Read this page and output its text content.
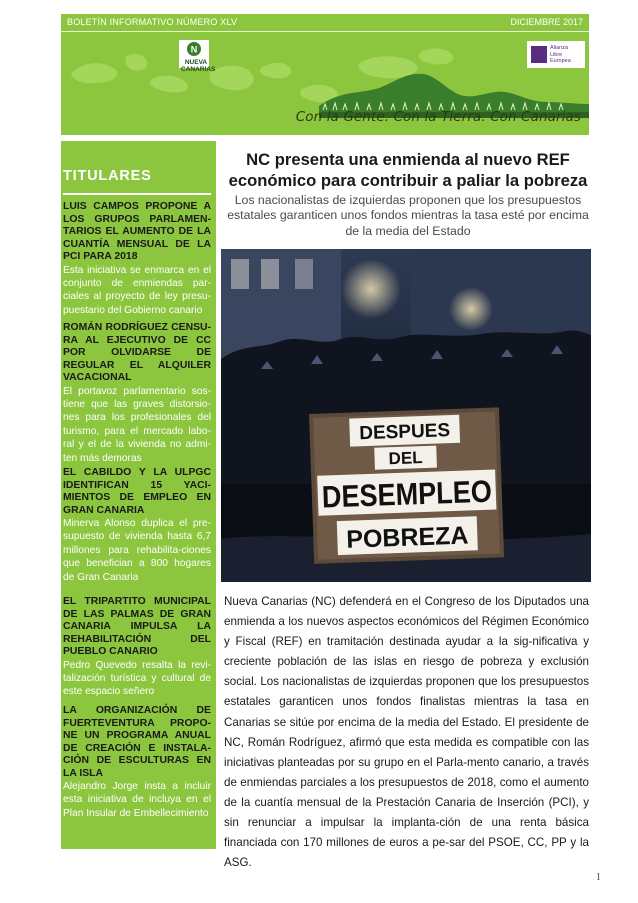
BOLETÍN INFORMATIVO NÚMERO XLV	DICIEMBRE 2017
N
NUEVA CANARIAS
Alianza
Libre
Europea
Con la Gente. Con la Tierra. Con Canarias
TITULARES
LUIS CAMPOS PROPONE A LOS GRUPOS PARLAMEN-TARIOS EL AUMENTO DE LA CUANTÍA MENSUAL DE LA PCI PARA 2018
Esta iniciativa se enmarca en el conjunto de enmiendas par-ciales al proyecto de ley presu-puestario del Gobierno canario
ROMÁN RODRÍGUEZ CENSU-RA AL EJECUTIVO DE CC POR OLVIDARSE DE REGULAR EL ALQUILER VACACIONAL
El portavoz parlamentario sos-tiene que las graves distorsio-nes para los profesionales del turismo, para el mercado labo-ral y el de la vivienda no admi-ten más demoras
EL CABILDO Y LA ULPGC IDENTIFICAN 15 YACI-MIENTOS DE EMPLEO EN GRAN CANARIA
Minerva Alonso duplica el pre-supuesto de vivienda hasta 6,7 millones para rehabilita-ciones que benefician a 800 hogares de Gran Canaria
EL TRIPARTITO MUNICIPAL DE LAS PALMAS DE GRAN CANARIA IMPULSA LA REHABILITACIÓN DEL PUEBLO CANARIO
Pedro Quevedo resalta la revi-talización turística y cultural de este espacio señero
LA ORGANIZACIÓN DE FUERTEVENTURA PROPO-NE UN PROGRAMA ANUAL DE CREACIÓN E INSTALA-CIÓN DE ESCULTURAS EN LA ISLA
Alejandro Jorge insta a incluir esta iniciativa de incluya en el Plan Insular de Embellecimiento
NC presenta una enmienda al nuevo REF económico para contribuir a paliar la pobreza
Los nacionalistas de izquierdas proponen que los presupuestos estatales garanticen unos fondos mientras la tasa esté por encima de la media del Estado
DESPUES
DEL
DESEMPLEO
POBREZA
Nueva Canarias (NC) defenderá en el Congreso de los Diputados una enmienda a los nuevos aspectos económicos del Régimen Económico y Fiscal (REF) en tramitación destinada ayudar a la sig-nificativa y creciente población de las islas en riesgo de pobreza y exclusión social. Los nacionalistas de izquierdas proponen que los presupuestos estatales garanticen unos fondos finalistas mientras la tasa en Canarias se sitúe por encima de la media del Estado. El presidente de NC, Román Rodríguez, afirmó que esta medida es compatible con las iniciativas planteadas por su grupo en el Parla-mento canario, a través de enmiendas parciales a los presupuestos de 2018, como el aumento de la cuantía mensual de la Prestación Canaria de Inserción (PCI), y sin renunciar a impulsar la implanta-ción de una renta básica financiada con 170 millones de euros a pe-sar del PSOE, CC, PP y la ASG.
1
